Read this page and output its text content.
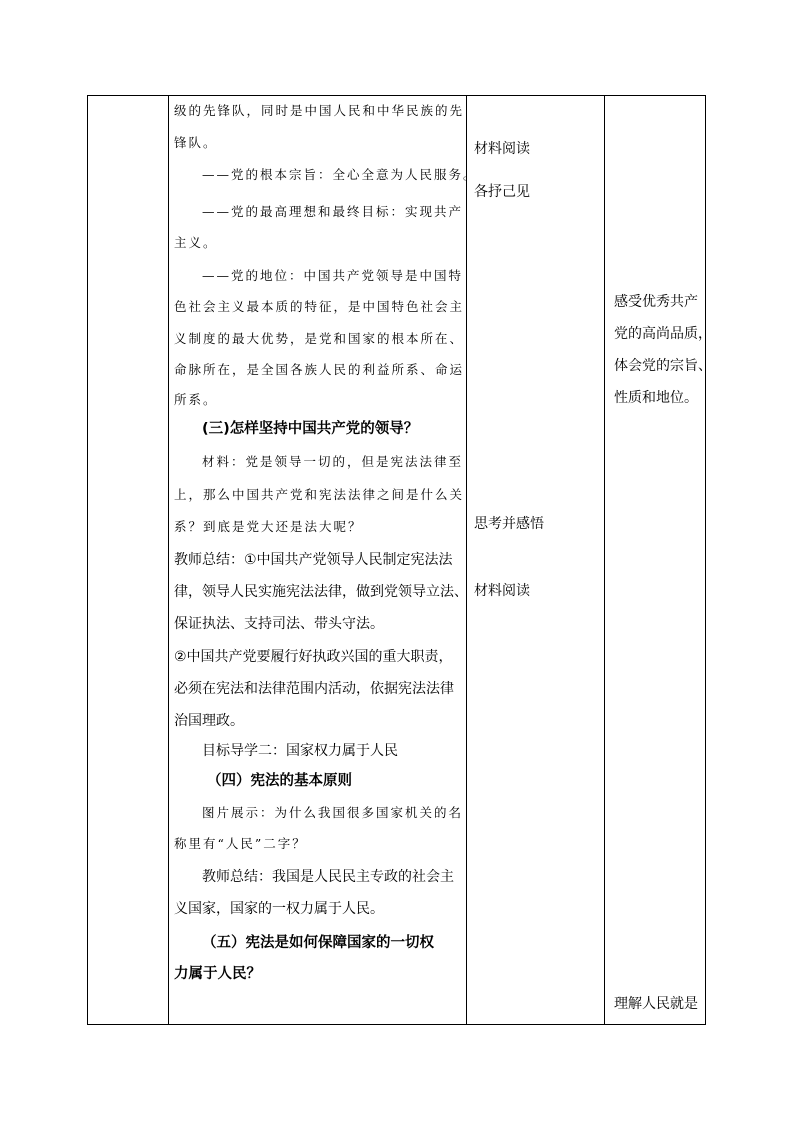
级的先锋队，同时是中国人民和中华民族的先
锋队。
——党的根本宗旨：全心全意为人民服务。
——党的最高理想和最终目标：实现共产
主义。
——党的地位：中国共产党领导是中国特
色社会主义最本质的特征，是中国特色社会主
义制度的最大优势，是党和国家的根本所在、
命脉所在，是全国各族人民的利益所系、命运
所系。
(三)怎样坚持中国共产党的领导？
材料：党是领导一切的，但是宪法法律至
上，那么中国共产党和宪法法律之间是什么关
系？到底是党大还是法大呢？
教师总结：①中国共产党领导人民制定宪法法
律，领导人民实施宪法法律，做到党领导立法、
保证执法、支持司法、带头守法。
②中国共产党要履行好执政兴国的重大职责，
必须在宪法和法律范围内活动，依据宪法法律
治国理政。
目标导学二：国家权力属于人民
（四）宪法的基本原则
图片展示：为什么我国很多国家机关的名
称里有“人民”二字？
教师总结：我国是人民民主专政的社会主
义国家，国家的一权力属于人民。
（五）宪法是如何保障国家的一切权
力属于人民？
材料阅读
各抒己见
思考并感悟
材料阅读
感受优秀共产
党的高尚品质，
体会党的宗旨、
性质和地位。
理解人民就是
